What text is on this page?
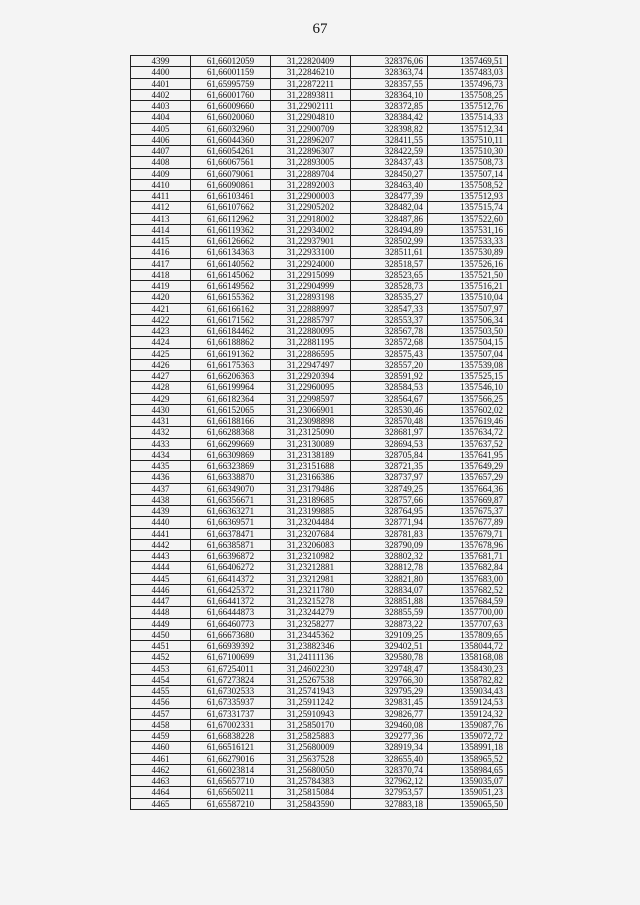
67
4399	61,66012059	31,22820409	328376,06	1357469,51
4400	61,66001159	31,22846210	328363,74	1357483,03
4401	61,65995759	31,22872211	328357,55	1357496,73
4402	61,66001760	31,22893811	328364,10	1357508,25
4403	61,66009660	31,22902111	328372,85	1357512,76
4404	61,66020060	31,22904810	328384,42	1357514,33
4405	61,66032960	31,22900709	328398,82	1357512,34
4406	61,66044360	31,22896207	328411,55	1357510,11
4407	61,66054261	31,22896307	328422,59	1357510,30
4408	61,66067561	31,22893005	328437,43	1357508,73
4409	61,66079061	31,22889704	328450,27	1357507,14
4410	61,66090861	31,22892003	328463,40	1357508,52
4411	61,66103461	31,22900003	328477,39	1357512,93
4412	61,66107662	31,22905202	328482,04	1357515,74
4413	61,66112962	31,22918002	328487,86	1357522,60
4414	61,66119362	31,22934002	328494,89	1357531,16
4415	61,66126662	31,22937901	328502,99	1357533,33
4416	61,66134363	31,22933100	328511,61	1357530,89
4417	61,66140562	31,22924000	328518,57	1357526,16
4418	61,66145062	31,22915099	328523,65	1357521,50
4419	61,66149562	31,22904999	328528,73	1357516,21
4420	61,66155362	31,22893198	328535,27	1357510,04
4421	61,66166162	31,22888997	328547,33	1357507,97
4422	61,66171562	31,22885797	328553,37	1357506,34
4423	61,66184462	31,22880095	328567,78	1357503,50
4424	61,66188862	31,22881195	328572,68	1357504,15
4425	61,66191362	31,22886595	328575,43	1357507,04
4426	61,66175363	31,22947497	328557,20	1357539,08
4427	61,66206363	31,22920394	328591,92	1357525,15
4428	61,66199964	31,22960095	328584,53	1357546,10
4429	61,66182364	31,22998597	328564,67	1357566,25
4430	61,66152065	31,23066901	328530,46	1357602,02
4431	61,66188166	31,23098898	328570,48	1357619,46
4432	61,66288368	31,23125090	328681,97	1357634,72
4433	61,66299669	31,23130089	328694,53	1357637,52
4434	61,66309869	31,23138189	328705,84	1357641,95
4435	61,66323869	31,23151688	328721,35	1357649,29
4436	61,66338870	31,23166386	328737,97	1357657,29
4437	61,66349070	31,23179486	328749,25	1357664,36
4438	61,66356671	31,23189685	328757,66	1357669,87
4439	61,66363271	31,23199885	328764,95	1357675,37
4440	61,66369571	31,23204484	328771,94	1357677,89
4441	61,66378471	31,23207684	328781,83	1357679,71
4442	61,66385871	31,23206083	328790,09	1357678,96
4443	61,66396872	31,23210982	328802,32	1357681,71
4444	61,66406272	31,23212881	328812,78	1357682,84
4445	61,66414372	31,23212981	328821,80	1357683,00
4446	61,66425372	31,23211780	328834,07	1357682,52
4447	61,66441372	31,23215278	328851,88	1357684,59
4448	61,66444873	31,23244279	328855,59	1357700,00
4449	61,66460773	31,23258277	328873,22	1357707,63
4450	61,66673680	31,23445362	329109,25	1357809,65
4451	61,66939392	31,23882346	329402,51	1358044,72
4452	61,67100699	31,24111136	329580,78	1358168,08
4453	61,67254011	31,24602230	329748,47	1358430,23
4454	61,67273824	31,25267538	329766,30	1358782,82
4455	61,67302533	31,25741943	329795,29	1359034,43
4456	61,67335937	31,25911242	329831,45	1359124,53
4457	61,67331737	31,25910943	329826,77	1359124,32
4458	61,67002331	31,25850170	329460,08	1359087,76
4459	61,66838228	31,25825883	329277,36	1359072,72
4460	61,66516121	31,25680009	328919,34	1358991,18
4461	61,66279016	31,25637528	328655,40	1358965,52
4462	61,66023814	31,25680050	328370,74	1358984,65
4463	61,65657710	31,25784383	327962,12	1359035,07
4464	61,65650211	31,25815084	327953,57	1359051,23
4465	61,65587210	31,25843590	327883,18	1359065,50
